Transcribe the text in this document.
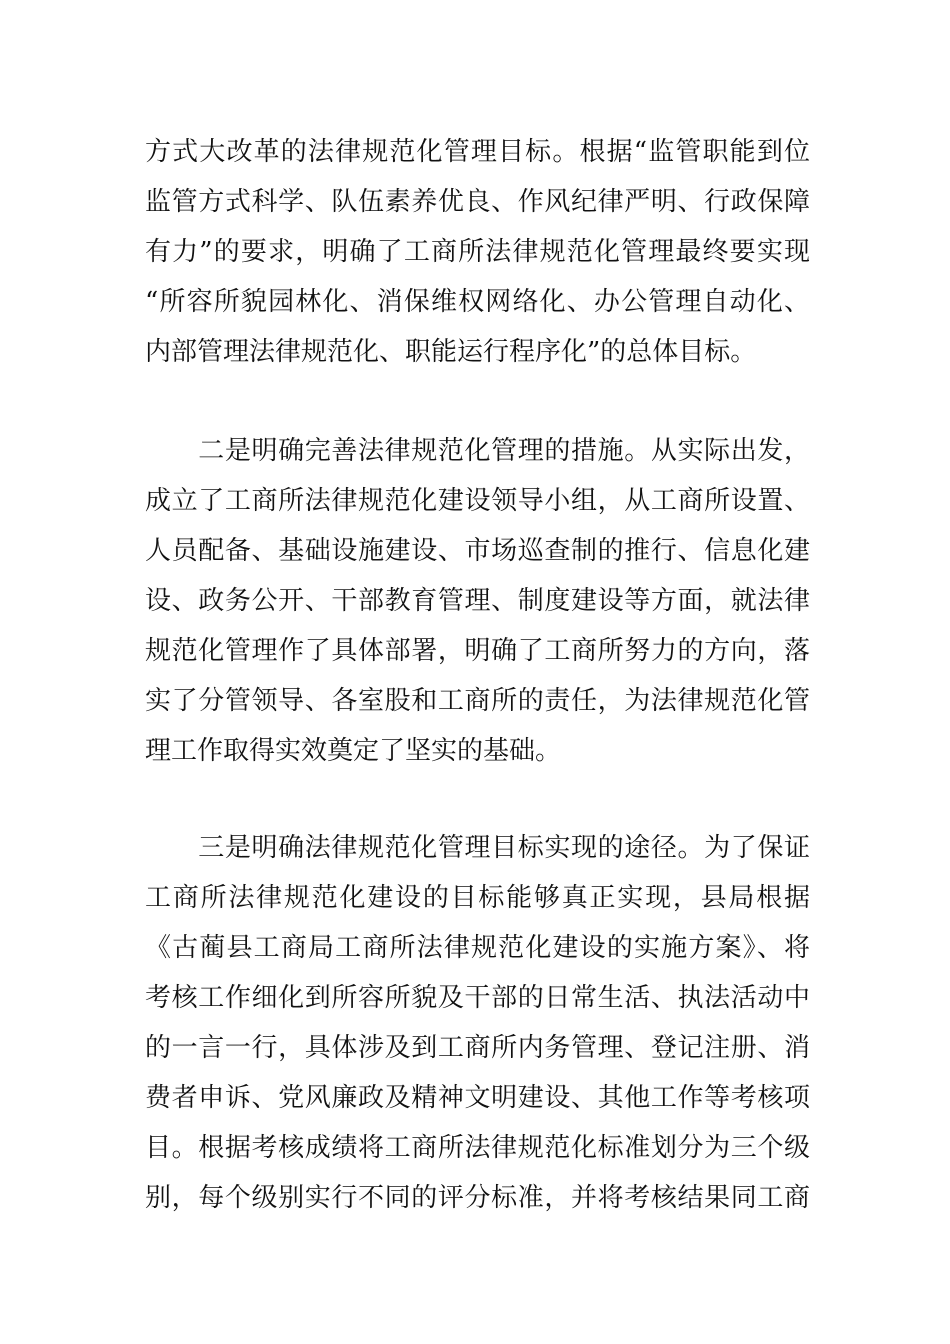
方式大改革的法律规范化管理目标。根据“监管职能到位
监管方式科学、队伍素养优良、作风纪律严明、行政保障
有力”的要求，明确了工商所法律规范化管理最终要实现
“所容所貌园林化、消保维权网络化、办公管理自动化、
内部管理法律规范化、职能运行程序化”的总体目标。
　　二是明确完善法律规范化管理的措施。从实际出发，
成立了工商所法律规范化建设领导小组，从工商所设置、
人员配备、基础设施建设、市场巡查制的推行、信息化建
设、政务公开、干部教育管理、制度建设等方面，就法律
规范化管理作了具体部署，明确了工商所努力的方向，落
实了分管领导、各室股和工商所的责任，为法律规范化管
理工作取得实效奠定了坚实的基础。
　　三是明确法律规范化管理目标实现的途径。为了保证
工商所法律规范化建设的目标能够真正实现，县局根据
《古蔺县工商局工商所法律规范化建设的实施方案》、将
考核工作细化到所容所貌及干部的日常生活、执法活动中
的一言一行，具体涉及到工商所内务管理、登记注册、消
费者申诉、党风廉政及精神文明建设、其他工作等考核项
目。根据考核成绩将工商所法律规范化标准划分为三个级
别，每个级别实行不同的评分标准，并将考核结果同工商
